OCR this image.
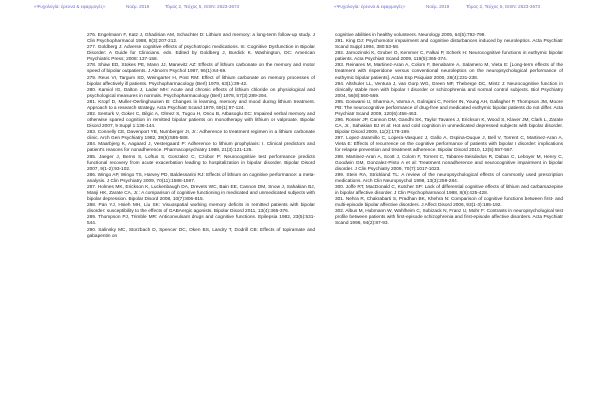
«Ψυχολογία: έρευνα & εφαρμογές»	Νοέμ. 2019	Τόμος 2, Τεύχος 5, ISSN: 2623-3673	«Ψυχολογία: έρευνα & εφαρμογές»	Νοέμ. 2019	Τόμος 2, Τεύχος 5, ISSN: 2623-3673

276. Engelmann F, Katz J, Ghadirian AM, Schachter D: Lithium and memory: a long-term follow-up study. J Clin Psychopharmacol 1988, 8(3):207-212.

277. Goldberg J: Adverse cognitive effects of psychotropic medications. In: Cognitive Dysfunction in Bipolar Disorder: A Guide for Clinicians. edn. Edited by Goldberg J, Burdick K. Washington, DC: American Psychiatric Press; 2008: 137-158.

278. Shaw ED, Stokes PE, Mann JJ, Manevitz AZ: Effects of lithium carbonate on the memory and motor speed of bipolar outpatients. J Abnorm Psychol 1987, 96(1):64-69.

279. Reus VI, Targum SD, Weingarter H, Post RM: Effect of lithium carbonate on memory processes of bipolar affectively ill patients. Psychopharmacology (Berl) 1979, 63(1):39-42.

280. Kamiol IG, Dalton J, Lader MH: Acute and chronic effects of lithium chloride on physiological and psychological measures in normals. Psychopharmacology (Berl) 1978, 57(3):289-294.

281. Kropf D, Muller-Oerlinghausen B: Changes in learning, memory and mood during lithium treatment. Approach to a research strategy. Acta Psychiatr Scand 1979, 59(1):97-124.

282. Senturk V, Goker C, Bilgic A, Olmez S, Tugcu H, Oncu B, Atbasoglu EC: Impaired verbal memory and otherwise spared cognition in remitted bipolar patients on monotherapy with lithium or valproate. Bipolar Disord 2007, 9 Suppl 1:136-144.

283. Connelly CE, Davenport YB, Nurnberger JI, Jr.: Adherence to treatment regimen in a lithium carbonate clinic. Arch Gen Psychiatry 1982, 39(5):585-588.

284. Maarbjerg K, Aagaard J, Vestergaard P: Adherence to lithium prophylaxis: I. Clinical predictors and patient's reasons for nonadherence. Pharmacopsychiatry 1988, 21(3):121-125.

285. Jaeger J, Berns S, Loftus S, Gonzalez C, Czobor P: Neurocognitive test performance predicts functional recovery from acute exacerbation leading to hospitalization in bipolar disorder. Bipolar Disord 2007, 9(1-2):93-102.

286. Wingo AP, Wingo TS, Harvey PD, Baldessarini RJ: Effects of lithium on cognitive performance: a meta-analysis. J Clin Psychiatry 2009, 70(11):1588-1597.

287. Holmes MK, Erickson K, Luckenbaugh DA, Drevets WC, Bain EE, Cannon DM, Snow J, Sahakian BJ, Manji HK, Zarate CA, Jr.: A comparison of cognitive functioning in medicated and unmedicated subjects with bipolar depression. Bipolar Disord 2008, 10(7):806-815.

288. Pan YJ, Hsieh MH, Liu SK: Visuospatial working memory deficits in remitted patients with bipolar disorder: susceptibility to the effects of GABAergic agonists. Bipolar Disord 2011, 13(4):365-376.

289. Thompson PJ, Trimble MR: Anticonvulsant drugs and cognitive functions. Epilepsia 1982, 23(5):531-544.

290. Salinsky MC, Storzbach D, Spencer DC, Oken BS, Landry T, Dodrill CB: Effects of topiramate and gabapentin on

cognitive abilities in healthy volunteers. Neurology 2005, 64(5):792-798.

291. King DJ: Psychomotor impairment and cognitive disturbances induced by neuroleptics. Acta Psychiatr Scand Suppl 1994, 380:53-58.

292. Jarnozinski K, Gruber O, Kemmer C, Falkai P, Scherk H: Neurocognitive functions in euthymic bipolar patients. Acta Psychiatr Scand 2009, 119(5):365-374.

293. Reinares M, Martinez-Aran A, Colom F, Benabarre A, Salamero M, Vieta E: [Long-term effects of the treatment with risperidone versus conventional neuroleptics on the neuropsychological performance of euthymic bipolar patients]. Actas Esp Psiquiatr 2000, 28(4):231-238.

294. Altshuler LL, Ventura J, van Gorp WG, Green MF, Theberge DC, Mintz J: Neurocognitive function in clinically stable men with bipolar I disorder or schizophrenia and normal control subjects. Biol Psychiatry 2004, 56(8):560-569.

295. Goswami U, Sharma A, Varma A, Gulrajani C, Ferrier IN, Young AH, Gallagher P, Thompson JM, Moore PB: The neurocognitive performance of drug-free and medicated euthymic bipolar patients do not differ. Acta Psychiatr Scand 2009, 120(6):456-463.

296. Rosser JP, Cannon DM, Gandhi SK, Taylor Tavares J, Erickson K, Wood S, Klaver JM, Clark L, Zarate CA, Jr., Sahakian BJ et al: Hot and cold cognition in unmedicated depressed subjects with bipolar disorder. Bipolar Disord 2009, 11(2):178-189.

297. Lopez-Jaramillo C, Lopera-Vasquez J, Gallo A, Ospina-Duque J, Bell V, Torrent C, Martinez-Aran A, Vieta E: Effects of recurrence on the cognitive performance of patients with bipolar I disorder: implications for relapse prevention and treatment adherence. Bipolar Disord 2010, 12(5):557-567.

298. Martinez-Aran A, Scott J, Colom F, Torrent C, Tabares-Seisdedos R, Daban C, Leboyer M, Henry C, Goodwin GM, Gonzalez-Pinto A et al: Treatment nonadherence and neurocognitive impairment in bipolar disorder. J Clin Psychiatry 2009, 70(7):1017-1023.

299. Stein RA, Strickland TL: A review of the neuropsychological effects of commonly used prescription medications. Arch Clin Neuropsychol 1998, 13(3):259-284.

300. Joffe RT, MacDonald C, Kutcher SP: Lack of differential cognitive effects of lithium and carbamazepine in bipolar affective disorder. J Clin Psychopharmacol 1988, 8(6):425-428.

301. Nehra R, Chakrabarti S, Pradhan BK, Khehra N: Comparison of cognitive functions between first- and multi-episode bipolar affective disorders. J Affect Disord 2006, 93(1-3):185-192.

302. Albus M, Hubmann W, Wahlheim C, Sobizack N, Franz U, Mohr F: Contrasts in neuropsychological test profile between patients with first-episode schizophrenia and first-episode affective disorders. Acta Psychiatr Scand 1996, 94(2):87-93.
